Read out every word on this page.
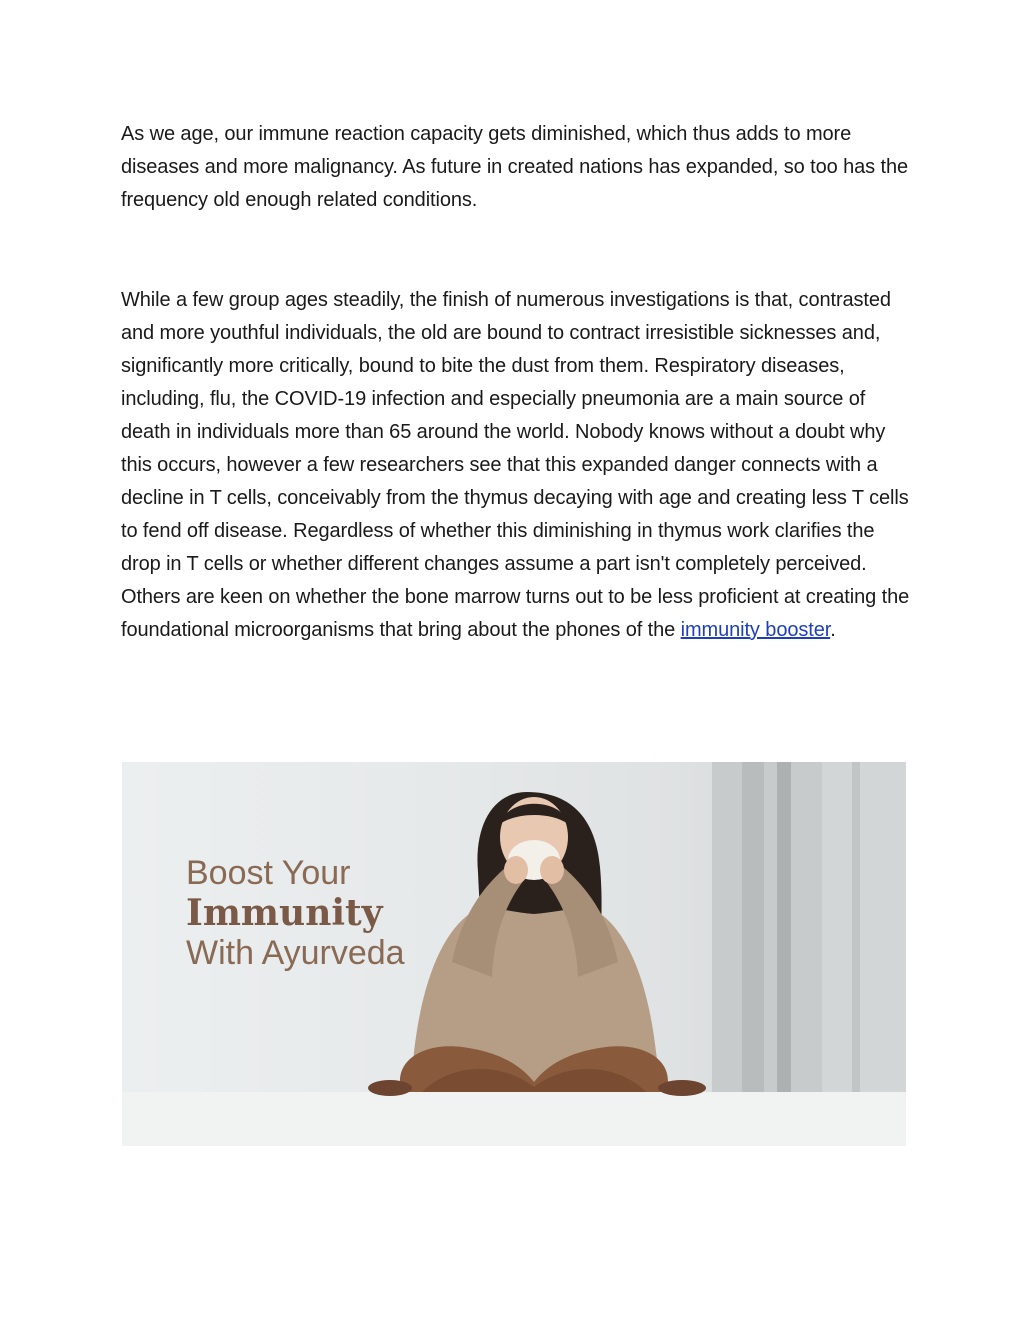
As we age, our immune reaction capacity gets diminished, which thus adds to more diseases and more malignancy. As future in created nations has expanded, so too has the frequency old enough related conditions.

While a few group ages steadily, the finish of numerous investigations is that, contrasted and more youthful individuals, the old are bound to contract irresistible sicknesses and, significantly more critically, bound to bite the dust from them. Respiratory diseases, including, flu, the COVID-19 infection and especially pneumonia are a main source of death in individuals more than 65 around the world. Nobody knows without a doubt why this occurs, however a few researchers see that this expanded danger connects with a decline in T cells, conceivably from the thymus decaying with age and creating less T cells to fend off disease. Regardless of whether this diminishing in thymus work clarifies the drop in T cells or whether different changes assume a part isn't completely perceived. Others are keen on whether the bone marrow turns out to be less proficient at creating the foundational microorganisms that bring about the phones of the immunity booster.

Boost Your
Immunity
With Ayurveda
